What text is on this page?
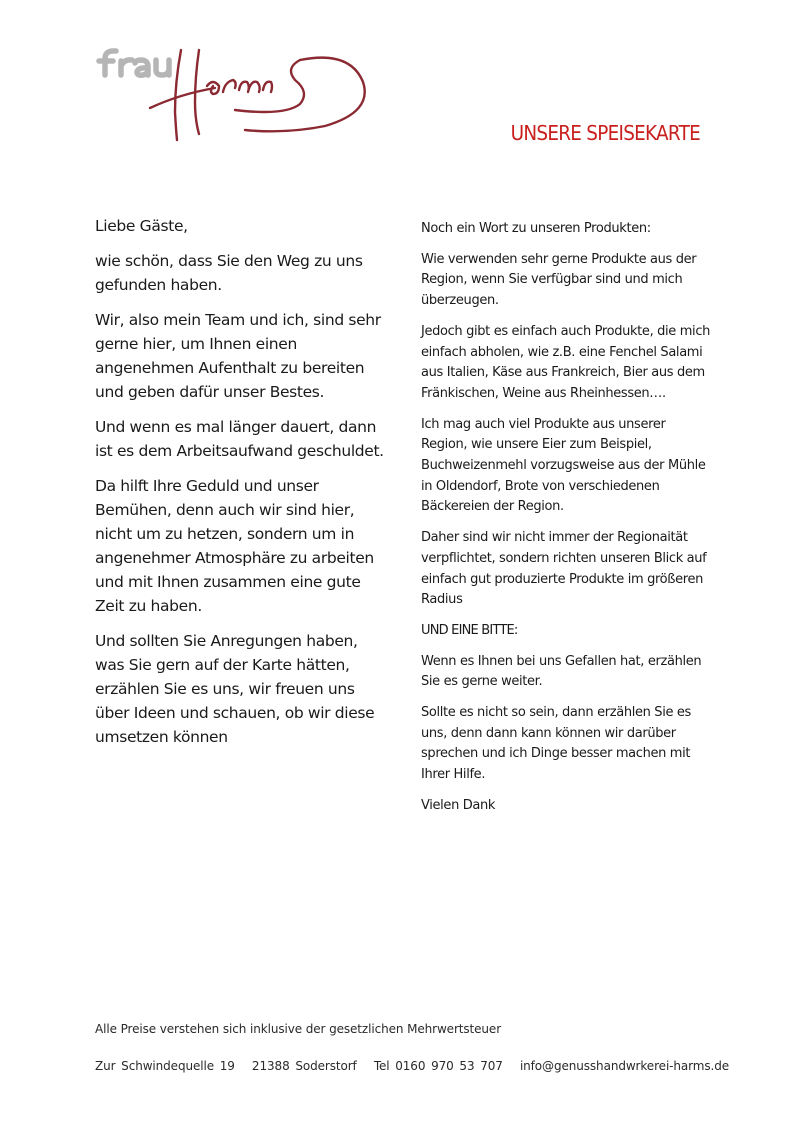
UNSERE SPEISEKARTE

Liebe Gäste,

wie schön, dass Sie den Weg zu uns gefunden haben.

Wir, also mein Team und ich, sind sehr gerne hier, um Ihnen einen angenehmen Aufenthalt zu bereiten und geben dafür unser Bestes.

Und wenn es mal länger dauert, dann ist es dem Arbeitsaufwand geschuldet.

Da hilft Ihre Geduld und unser Bemühen, denn auch wir sind hier, nicht um zu hetzen, sondern um in angenehmer Atmosphäre zu arbeiten und mit Ihnen zusammen eine gute Zeit zu haben.

Und sollten Sie Anregungen haben, was Sie gern auf der Karte hätten, erzählen Sie es uns, wir freuen uns über Ideen und schauen, ob wir diese umsetzen können

Noch ein Wort zu unseren Produkten:

Wie verwenden sehr gerne Produkte aus der Region, wenn Sie verfügbar sind und mich überzeugen.

Jedoch gibt es einfach auch Produkte, die mich einfach abholen, wie z.B. eine Fenchel Salami aus Italien, Käse aus Frankreich, Bier aus dem Fränkischen, Weine aus Rheinhessen….

Ich mag auch viel Produkte aus unserer Region, wie unsere Eier zum Beispiel, Buchweizenmehl vorzugsweise aus der Mühle in Oldendorf, Brote von verschiedenen Bäckereien der Region.

Daher sind wir nicht immer der Regionaität verpflichtet, sondern richten unseren Blick auf einfach gut produzierte Produkte im größeren Radius

UND EINE BITTE:

Wenn es Ihnen bei uns Gefallen hat, erzählen Sie es gerne weiter.

Sollte es nicht so sein, dann erzählen Sie es uns, denn dann kann können wir darüber sprechen und ich Dinge besser machen mit Ihrer Hilfe.

Vielen Dank

Alle Preise verstehen sich inklusive der gesetzlichen Mehrwertsteuer
Zur Schwindequelle 19   21388 Soderstorf   Tel 0160 970 53 707   info@genusshandwrkerei-harms.de
